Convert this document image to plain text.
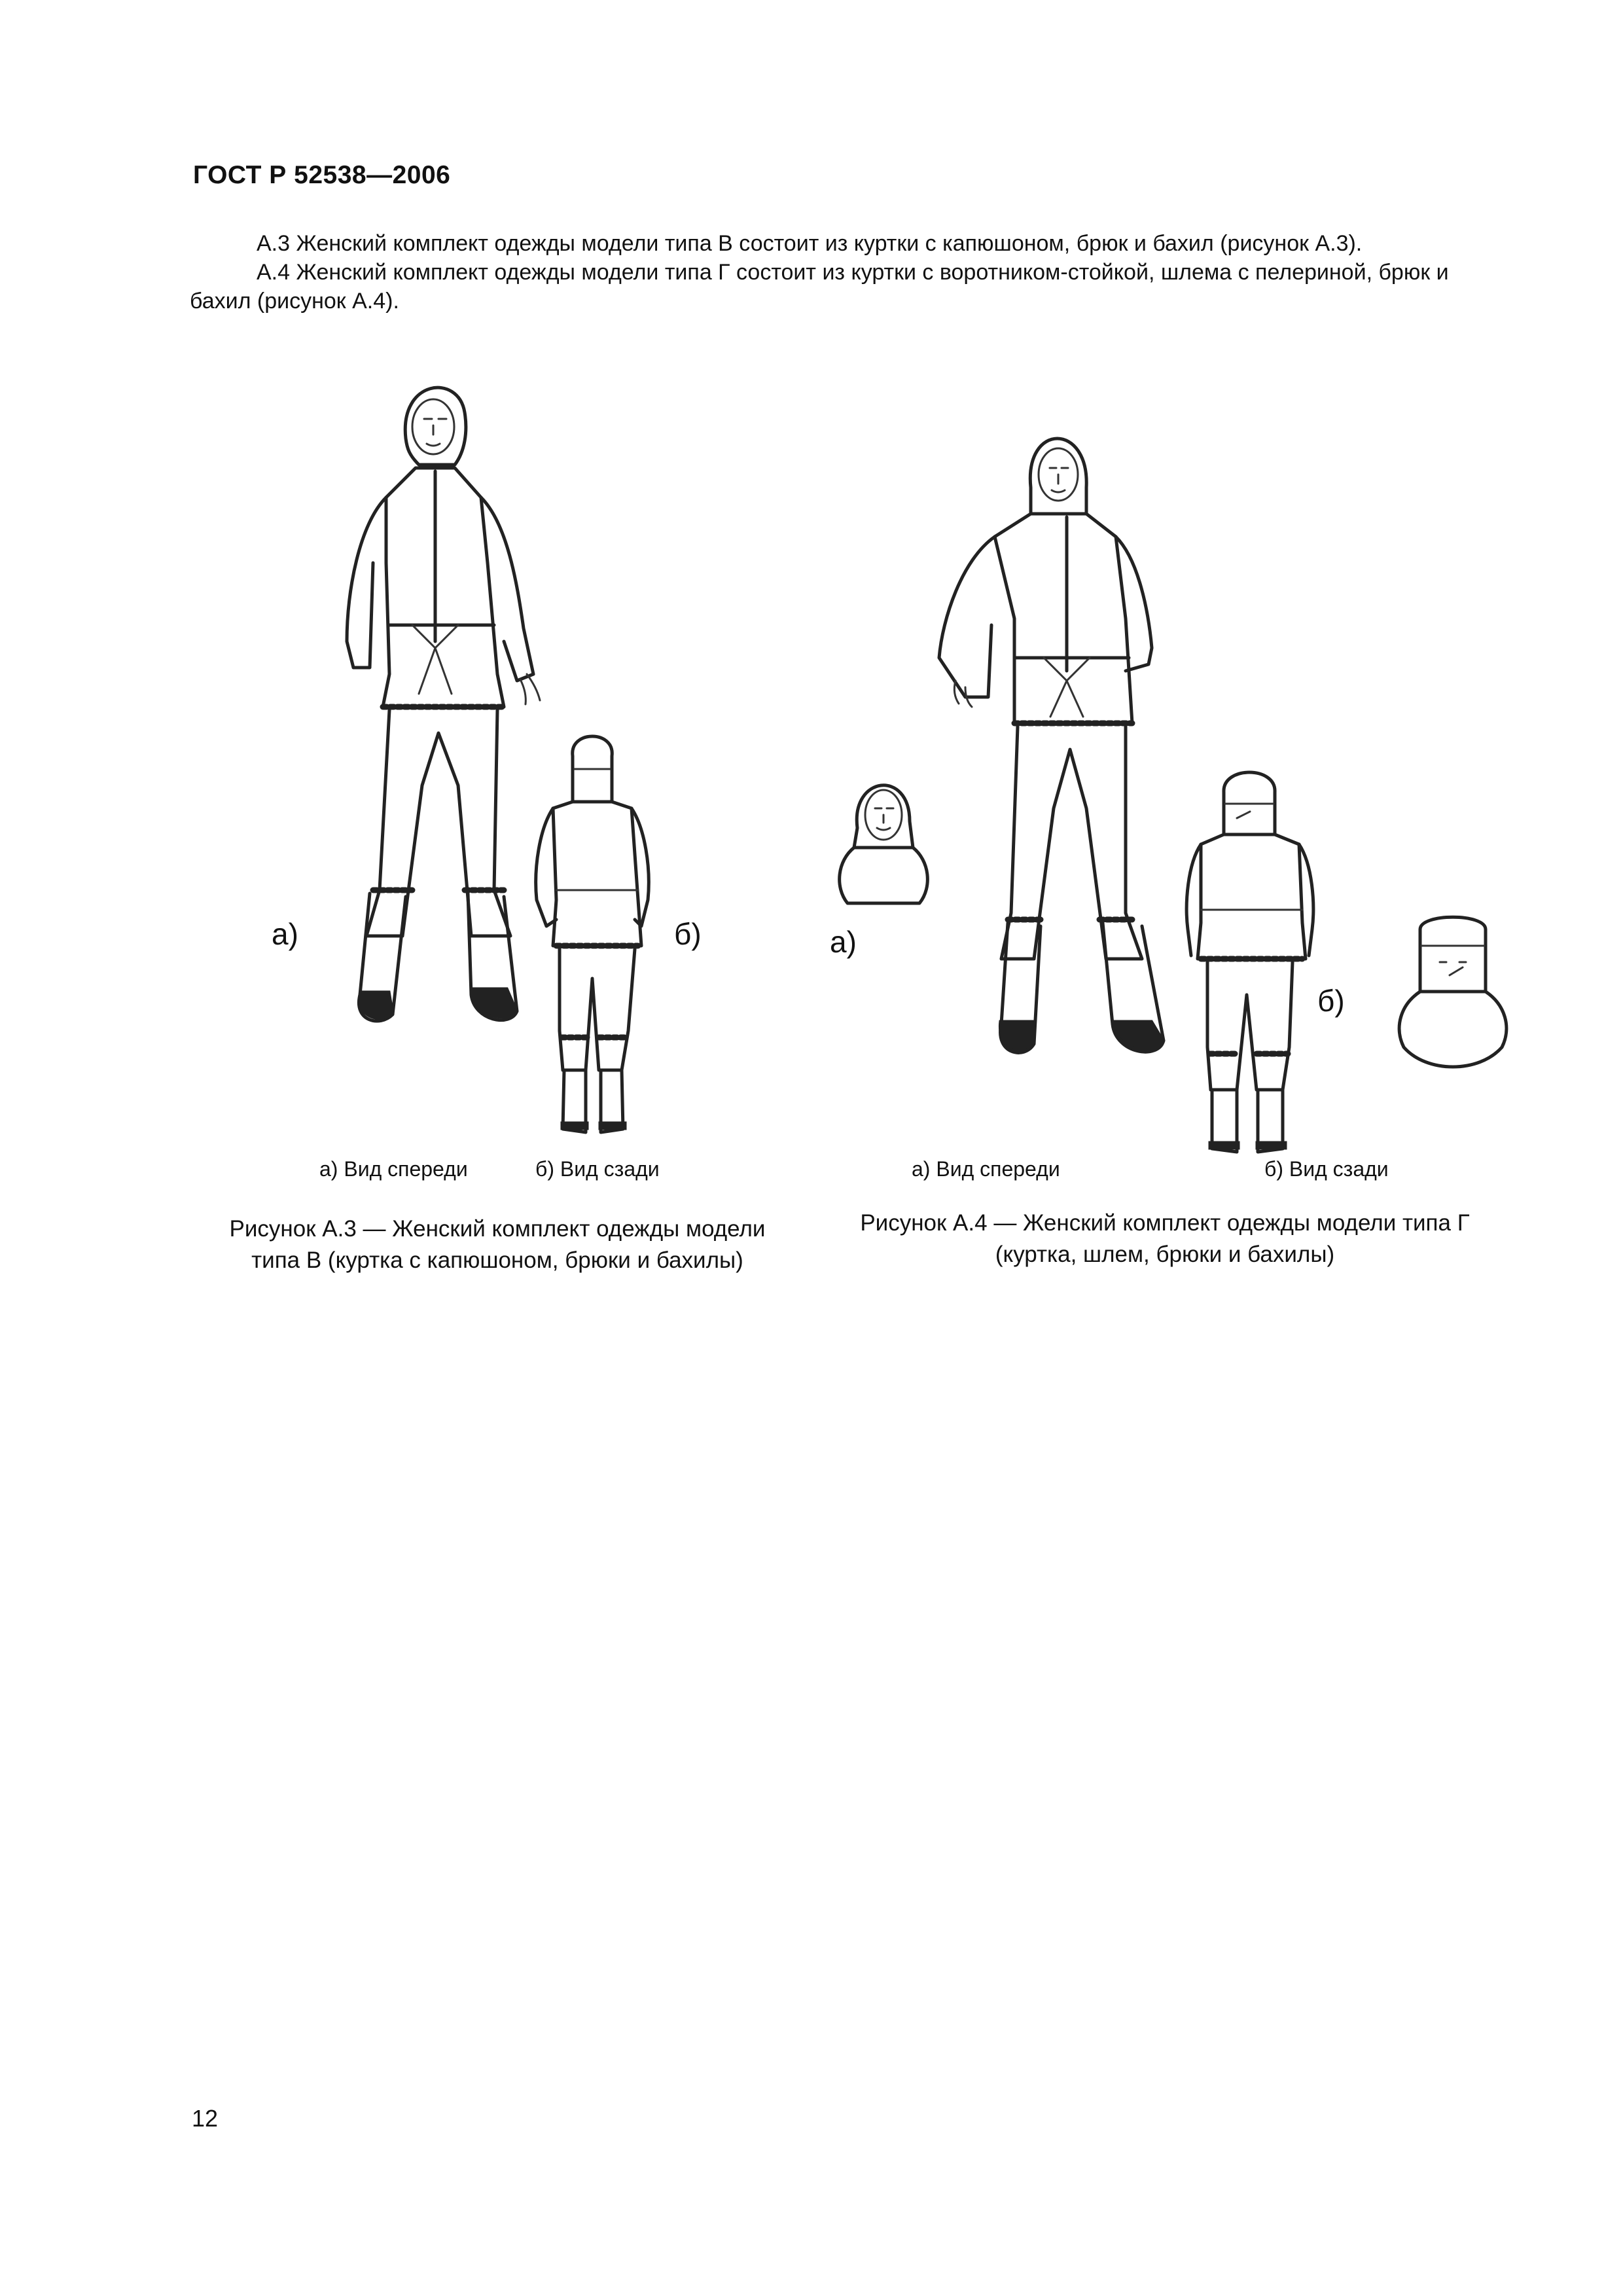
ГОСТ Р 52538—2006
А.3 Женский комплект одежды модели типа В состоит из куртки с капюшоном, брюк и бахил (рисунок А.3).
А.4 Женский комплект одежды модели типа Г состоит из куртки с воротником-стойкой, шлема с пелериной, брюк и бахил (рисунок А.4).
а)	б)
а) Вид спереди	б) Вид сзади
Рисунок А.3 — Женский комплект одежды модели
типа В (куртка с капюшоном, брюки и бахилы)
а)
б)
а) Вид спереди	б) Вид сзади
Рисунок А.4 — Женский комплект одежды модели типа Г
(куртка, шлем, брюки и бахилы)
12
